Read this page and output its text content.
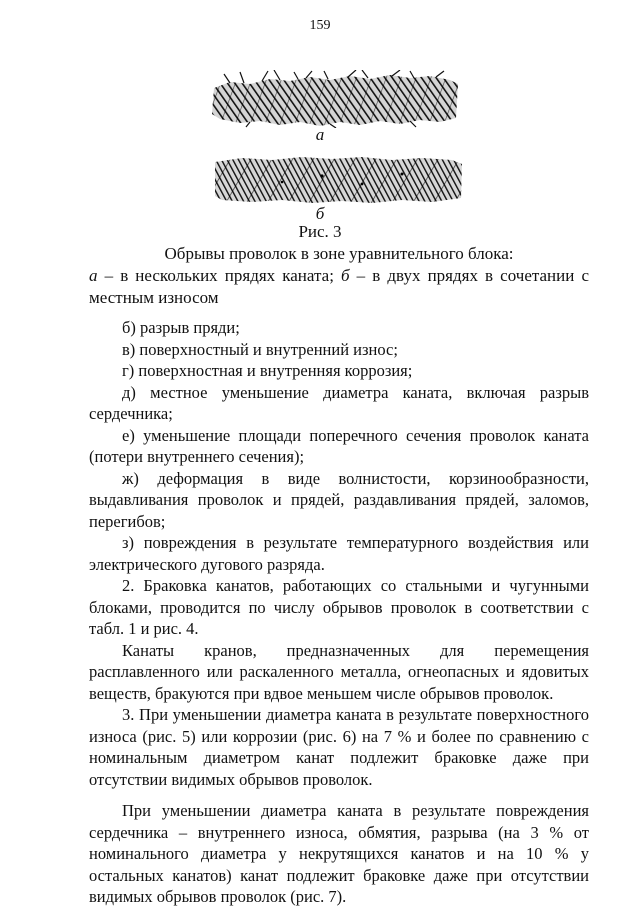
159
а
б
Рис. 3
Обрывы проволок в зоне уравнительного блока:
а – в нескольких прядях каната; б – в двух прядях в сочетании с местным износом

б) разрыв пряди;

в) поверхностный и внутренний износ;

г) поверхностная и внутренняя коррозия;

д) местное уменьшение диаметра каната, включая разрыв сердечника;

е) уменьшение площади поперечного сечения проволок каната (потери внутреннего сечения);

ж) деформация в виде волнистости, корзинообразности, выдавливания проволок и прядей, раздавливания прядей, заломов, перегибов;

з) повреждения в результате температурного воздействия или электрического дугового разряда.

2. Браковка канатов, работающих со стальными и чугунными блоками, проводится по числу обрывов проволок в соответствии с табл. 1 и рис. 4.

Канаты кранов, предназначенных для перемещения расплавленного или раскаленного металла, огнеопасных и ядовитых веществ, бракуются при вдвое меньшем числе обрывов проволок.

3. При уменьшении диаметра каната в результате поверхностного износа (рис. 5) или коррозии (рис. 6) на 7 % и более по сравнению с номинальным диаметром канат подлежит браковке даже при отсутствии видимых обрывов проволок.

При уменьшении диаметра каната в результате повреждения сердечника – внутреннего износа, обмятия, разрыва (на 3 % от номинального диаметра у некрутящихся канатов и на 10 % у остальных канатов) канат подлежит браковке даже при отсутствии видимых обрывов проволок (рис. 7).
